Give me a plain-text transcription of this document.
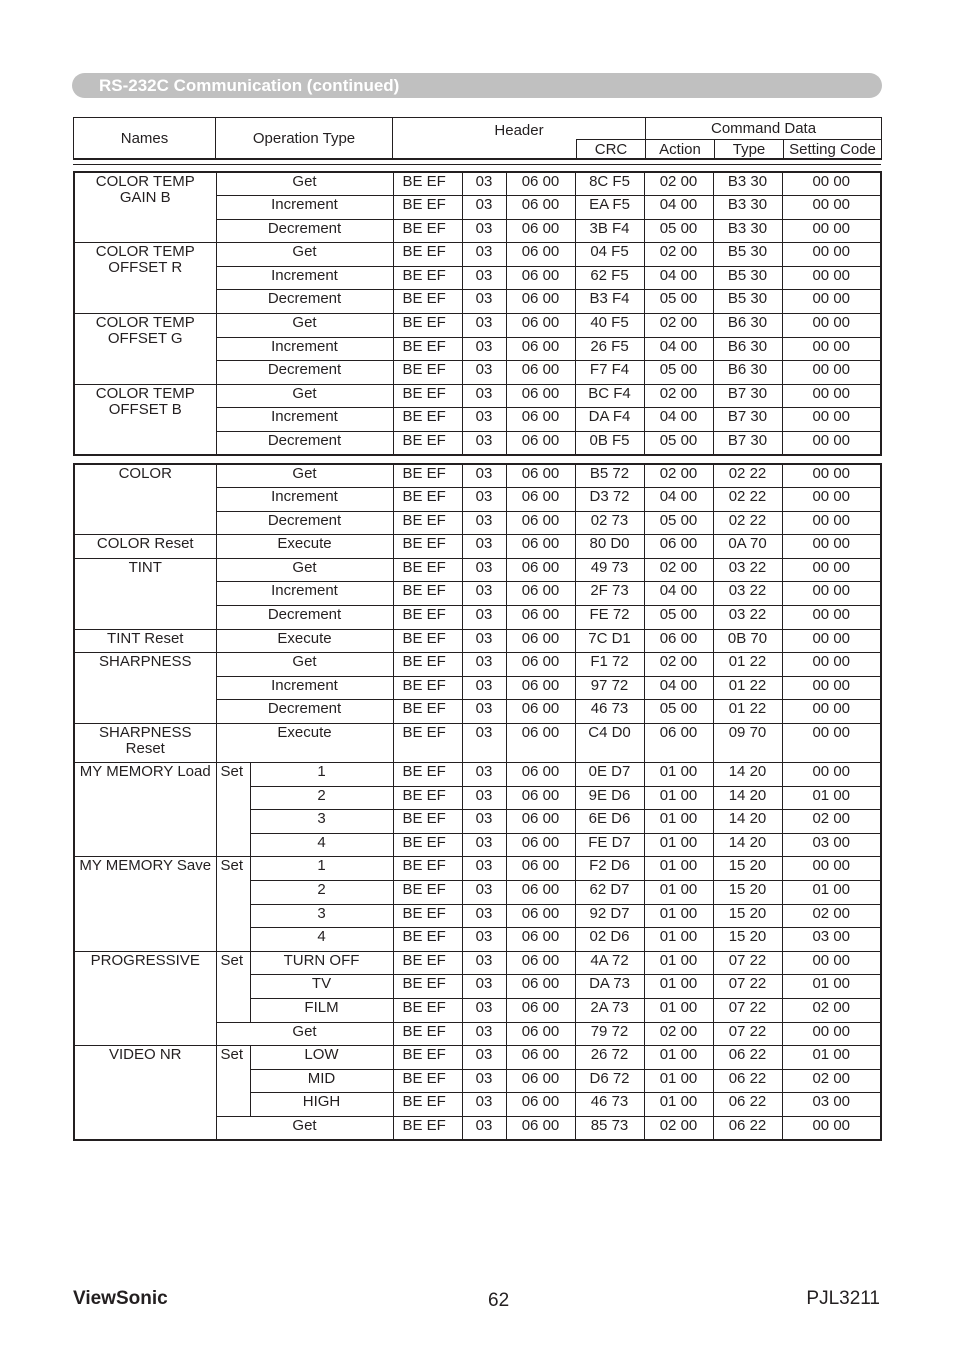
RS-232C Communication (continued)
Names	Operation Type	Header		Command Data		
			CRC	Action	Type	Setting Code

COLOR TEMP GAIN B	Get	BE EF	03	06 00	8C F5	02 00	B3 30	00 00
	Increment	BE EF	03	06 00	EA F5	04 00	B3 30	00 00
	Decrement	BE EF	03	06 00	3B F4	05 00	B3 30	00 00
COLOR TEMP OFFSET R	Get	BE EF	03	06 00	04 F5	02 00	B5 30	00 00
	Increment	BE EF	03	06 00	62 F5	04 00	B5 30	00 00
	Decrement	BE EF	03	06 00	B3 F4	05 00	B5 30	00 00
COLOR TEMP OFFSET G	Get	BE EF	03	06 00	40 F5	02 00	B6 30	00 00
	Increment	BE EF	03	06 00	26 F5	04 00	B6 30	00 00
	Decrement	BE EF	03	06 00	F7 F4	05 00	B6 30	00 00
COLOR TEMP OFFSET B	Get	BE EF	03	06 00	BC F4	02 00	B7 30	00 00
	Increment	BE EF	03	06 00	DA F4	04 00	B7 30	00 00
	Decrement	BE EF	03	06 00	0B F5	05 00	B7 30	00 00
COLOR	Get		BE EF	03	06 00	B5 72	02 00	02 22	00 00
	Increment		BE EF	03	06 00	D3 72	04 00	02 22	00 00
	Decrement		BE EF	03	06 00	02 73	05 00	02 22	00 00
COLOR Reset	Execute		BE EF	03	06 00	80 D0	06 00	0A 70	00 00
TINT	Get		BE EF	03	06 00	49 73	02 00	03 22	00 00
	Increment		BE EF	03	06 00	2F 73	04 00	03 22	00 00
	Decrement		BE EF	03	06 00	FE 72	05 00	03 22	00 00
TINT Reset	Execute		BE EF	03	06 00	7C D1	06 00	0B 70	00 00
SHARPNESS	Get		BE EF	03	06 00	F1 72	02 00	01 22	00 00
	Increment		BE EF	03	06 00	97 72	04 00	01 22	00 00
	Decrement		BE EF	03	06 00	46 73	05 00	01 22	00 00
SHARPNESS Reset	Execute		BE EF	03	06 00	C4 D0	06 00	09 70	00 00
MY MEMORY Load	Set	1	BE EF	03	06 00	0E D7	01 00	14 20	00 00
		2	BE EF	03	06 00	9E D6	01 00	14 20	01 00
		3	BE EF	03	06 00	6E D6	01 00	14 20	02 00
		4	BE EF	03	06 00	FE D7	01 00	14 20	03 00
MY MEMORY Save	Set	1	BE EF	03	06 00	F2 D6	01 00	15 20	00 00
		2	BE EF	03	06 00	62 D7	01 00	15 20	01 00
		3	BE EF	03	06 00	92 D7	01 00	15 20	02 00
		4	BE EF	03	06 00	02 D6	01 00	15 20	03 00
PROGRESSIVE	Set	TURN OFF	BE EF	03	06 00	4A 72	01 00	07 22	00 00
		TV	BE EF	03	06 00	DA 73	01 00	07 22	01 00
		FILM	BE EF	03	06 00	2A 73	01 00	07 22	02 00
	Get		BE EF	03	06 00	79 72	02 00	07 22	00 00
VIDEO NR	Set	LOW	BE EF	03	06 00	26 72	01 00	06 22	01 00
		MID	BE EF	03	06 00	D6 72	01 00	06 22	02 00
		HIGH	BE EF	03	06 00	46 73	01 00	06 22	03 00
	Get		BE EF	03	06 00	85 73	02 00	06 22	00 00
ViewSonic	62	PJL3211
